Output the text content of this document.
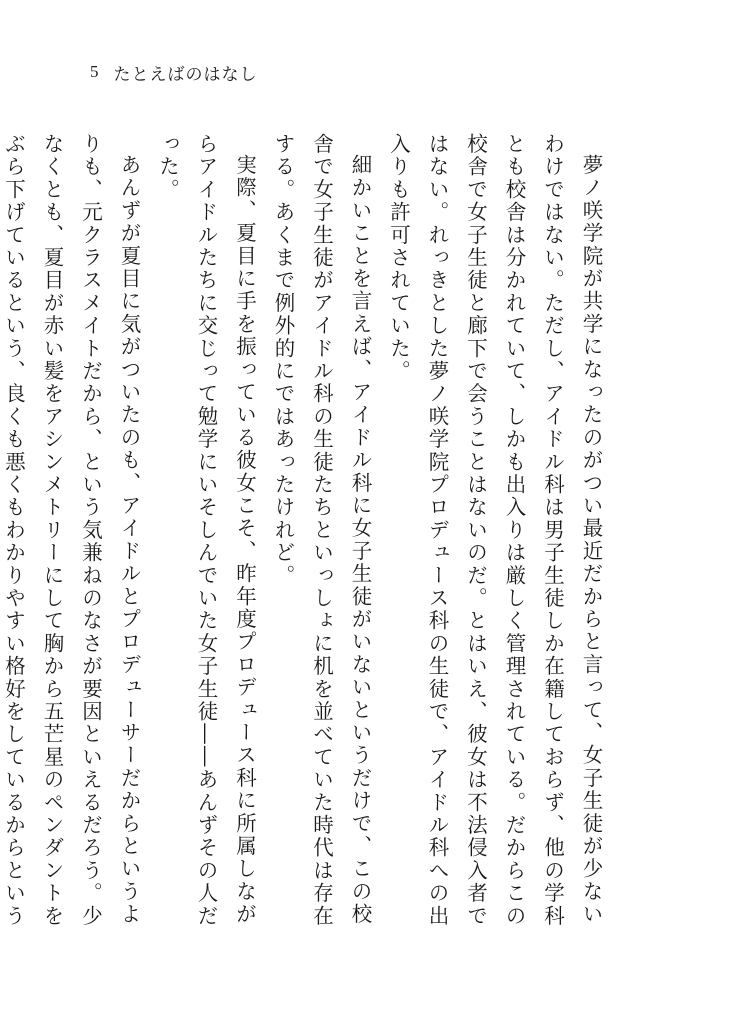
5 たとえばのはなし

夢ノ咲学院が共学になったのがつい最近だからと言って、女子生徒が少ないわけではない。ただし、アイドル科は男子生徒しか在籍しておらず、他の学科とも校舎は分かれていて、しかも出入りは厳しく管理されている。だからこの校舎で女子生徒と廊下で会うことはないのだ。とはいえ、彼女は不法侵入者ではない。れっきとした夢ノ咲学院プロデュース科の生徒で、アイドル科への出入りも許可されていた。

細かいことを言えば、アイドル科に女子生徒がいないというだけで、この校舎で女子生徒がアイドル科の生徒たちといっしょに机を並べていた時代は存在する。あくまで例外的にではあったけれど。

実際、夏目に手を振っている彼女こそ、昨年度プロデュース科に所属しながらアイドルたちに交じって勉学にいそしんでいた女子生徒――あんずその人だった。

あんずが夏目に気がついたのも、アイドルとプロデューサーだからというよりも、元クラスメイトだから、という気兼ねのなさが要因といえるだろう。少なくとも、夏目が赤い髪をアシンメトリーにして胸から五芒星のペンダントをぶら下げているという、良くも悪くもわかりやすい格好をしているからという
